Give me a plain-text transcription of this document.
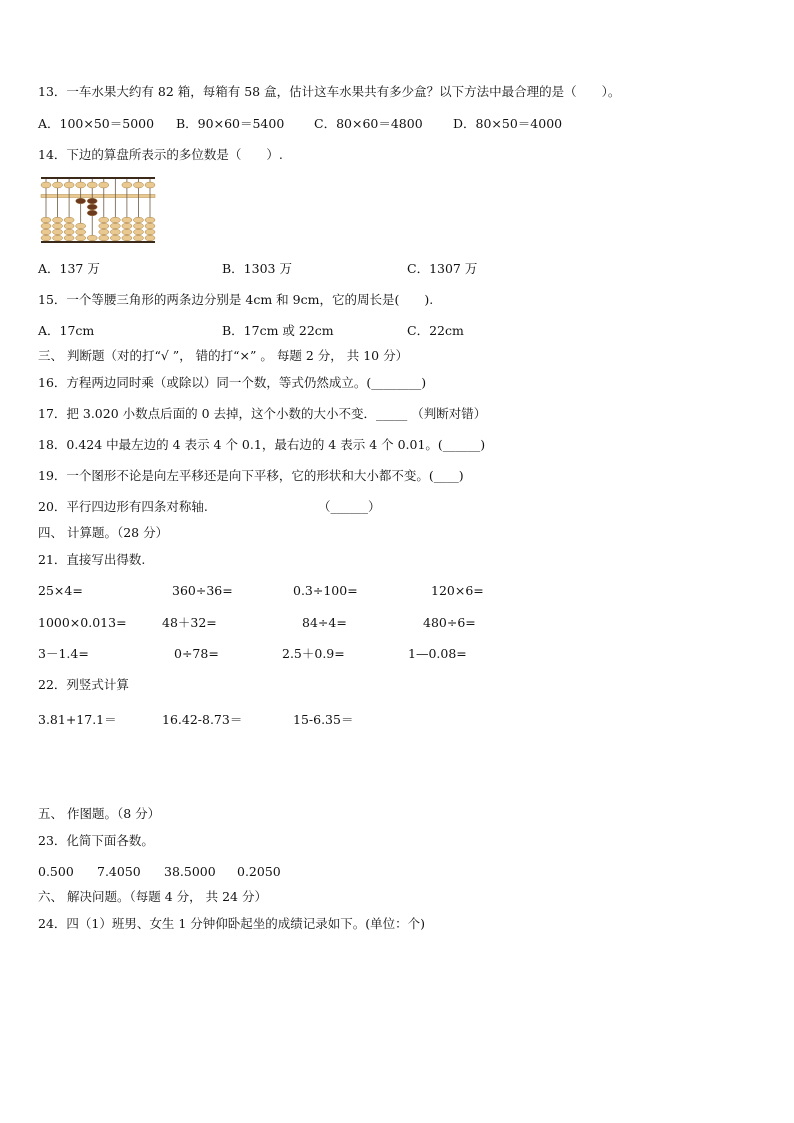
13．一车水果大约有 82 箱，每箱有 58 盒，估计这车水果共有多少盒？以下方法中最合理的是（　　）。
A．100×50＝5000 B．90×60＝5400 C．80×60＝4800 D．80×50＝4000
14．下边的算盘所表示的多位数是（　　）.
A．137 万	B．1303 万	C．1307 万
15．一个等腰三角形的两条边分别是 4cm 和 9cm，它的周长是(　　).
A．17cm	B．17cm 或 22cm	C．22cm
三、 判断题（对的打“√ ”， 错的打“×” 。 每题 2 分， 共 10 分）
16．方程两边同时乘（或除以）同一个数，等式仍然成立。(________)
17．把 3.020 小数点后面的 0 去掉，这个小数的大小不变．_____ （判断对错）
18．0.424 中最左边的 4 表示 4 个 0.1，最右边的 4 表示 4 个 0.01。(______)
19．一个图形不论是向左平移还是向下平移，它的形状和大小都不变。(____)
20．平行四边形有四条对称轴.	（______）
四、 计算题。（28 分）
21．直接写出得数.
25×4=	360÷36=	0.3÷100=	120×6=
1000×0.013=	48＋32=	84÷4=	480÷6=
3－1.4=	0÷78=	2.5＋0.9=	1—0.08=
22．列竖式计算
3.81+17.1＝	16.42-8.73＝	15-6.35＝
五、 作图题。（8 分）
23．化简下面各数。
0.500 7.4050 38.5000 0.2050
六、 解决问题。（每题 4 分， 共 24 分）
24．四（1）班男、女生 1 分钟仰卧起坐的成绩记录如下。(单位：个)
